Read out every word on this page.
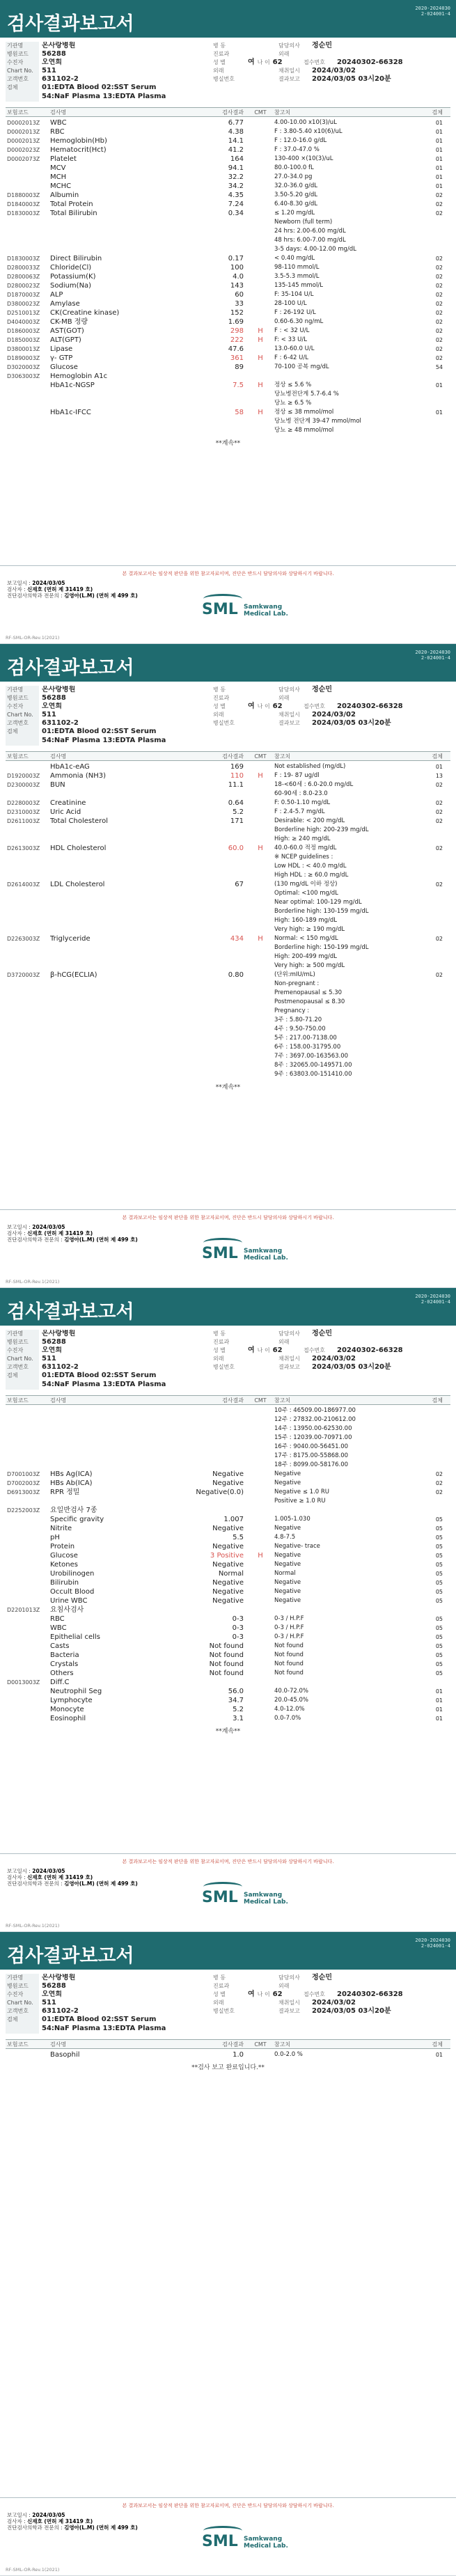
검사결과보고서
2020-2024030
2-024001-4
기관명	온사랑병원	병 동	담당의사	정순민
병원코드	56288	진료과	외래
수진자	오연희	성 별	여 나 이 62	접수번호	20240302-66328
Chart No.	511	외래	채취일시	2024/03/02
고객번호	631102-2	병실번호	결과보고	2024/03/05 03시20분
검체	01:EDTA Blood 02:SST Serum
54:NaF Plasma 13:EDTA Plasma
보험코드	검사명	검사결과	CMT	참고치	검체
D0002013Z	WBC	6.77	4.00-10.00 x10(3)/uL	01
D0002013Z	RBC	4.38	F : 3.80-5.40 x10(6)/uL	01
D0002013Z	Hemoglobin(Hb)	14.1	F : 12.0-16.0 g/dL	01
D0002023Z	Hematocrit(Hct)	41.2	F : 37.0-47.0 %	01
D0002073Z	Platelet	164	130-400 ×(10(3)/uL	01
MCV	94.1	80.0-100.0 fL	01
MCH	32.2	27.0-34.0 pg	01
MCHC	34.2	32.0-36.0 g/dL	01
D1880003Z	Albumin	4.35	3.50-5.20 g/dL	02
D1840003Z	Total Protein	7.24	6.40-8.30 g/dL	02
D1830003Z	Total Bilirubin	0.34	≤ 1.20 mg/dL	02
Newborn (full term)
24 hrs: 2.00-6.00 mg/dL
48 hrs: 6.00-7.00 mg/dL
3-5 days: 4.00-12.00 mg/dL
D1830003Z	Direct Bilirubin	0.17	< 0.40 mg/dL	02
D2800033Z	Chloride(Cl)	100	98-110 mmol/L	02
D2800063Z	Potassium(K)	4.0	3.5-5.3 mmol/L	02
D2800023Z	Sodium(Na)	143	135-145 mmol/L	02
D1870003Z	ALP	60	F: 35-104 U/L	02
D3800023Z	Amylase	33	28-100 U/L	02
D2510013Z	CK(Creatine kinase)	152	F : 26-192 U/L	02
D4040003Z	CK-MB 정량	1.69	0.60-6.30 ng/mL	02
D1860003Z	AST(GOT)	298	H	F : < 32 U/L	02
D1850003Z	ALT(GPT)	222	H	F: < 33 U/L	02
D3800013Z	Lipase	47.6	13.0-60.0 U/L	02
D1890003Z	γ- GTP	361	H	F : 6-42 U/L	02
D3020003Z	Glucose	89	70-100 공복 mg/dL	54
D3063003Z	Hemoglobin A1c
HbA1c-NGSP	7.5	H	정상 ≤ 5.6 %	01
당뇨병전단계 5.7-6.4 %
당뇨 ≥ 6.5 %
HbA1c-IFCC	58	H	정상 ≤ 38 mmol/mol	01
당뇨병 전단계 39-47 mmol/mol
당뇨 ≥ 48 mmol/mol
**계속**
본 결과보고서는 임상적 판단을 위한 참고자료이며, 진단은 반드시 담당의사와 상담하시기 바랍니다.
보고일시 : 2024/03/05
검사자 : 신재호 (면허 제 31419 호)
진단검사의학과 전문의 : 김영아(L.M) (면허 제 499 호)
SML Samkwang
Medical Lab.
RF-SML-OR-Rev.1(2021)
검사결과보고서
2020-2024030
2-024001-4
기관명	온사랑병원	병 동	담당의사	정순민
병원코드	56288	진료과	외래
수진자	오연희	성 별	여 나 이 62	접수번호	20240302-66328
Chart No.	511	외래	채취일시	2024/03/02
고객번호	631102-2	병실번호	결과보고	2024/03/05 03시20분
검체	01:EDTA Blood 02:SST Serum
54:NaF Plasma 13:EDTA Plasma
보험코드	검사명	검사결과	CMT	참고치	검체
HbA1c-eAG	169	Not established (mg/dL)	01
D1920003Z	Ammonia (NH3)	110	H	F : 19- 87 ug/dl	13
D2300003Z	BUN	11.1	18-<60세 : 6.0-20.0 mg/dL	02
60-90세 : 8.0-23.0
D2280003Z	Creatinine	0.64	F: 0.50-1.10 mg/dL	02
D2310003Z	Uric Acid	5.2	F : 2.4-5.7 mg/dL	02
D2611003Z	Total Cholesterol	171	Desirable: < 200 mg/dL	02
Borderline high: 200-239 mg/dL
High: ≥ 240 mg/dL
D2613003Z	HDL Cholesterol	60.0	H	40.0-60.0 적정 mg/dL	02
※ NCEP guidelines :
Low HDL : < 40.0 mg/dL
High HDL : ≥ 60.0 mg/dL
D2614003Z	LDL Cholesterol	67	(130 mg/dL 이하 정상)	02
Optimal: <100 mg/dL
Near optimal: 100-129 mg/dL
Borderline high: 130-159 mg/dL
High: 160-189 mg/dL
Very high: ≥ 190 mg/dL
D2263003Z	Triglyceride	434	H	Normal: < 150 mg/dL	02
Borderline high: 150-199 mg/dL
High: 200-499 mg/dL
Very high: ≥ 500 mg/dL
D3720003Z	β-hCG(ECLIA)	0.80	(단위:mIU/mL)	02
Non-pregnant :
Premenopausal ≤ 5.30
Postmenopausal ≤ 8.30
Pregnancy :
3주 : 5.80-71.20
4주 : 9.50-750.00
5주 : 217.00-7138.00
6주 : 158.00-31795.00
7주 : 3697.00-163563.00
8주 : 32065.00-149571.00
9주 : 63803.00-151410.00
**계속**
본 결과보고서는 임상적 판단을 위한 참고자료이며, 진단은 반드시 담당의사와 상담하시기 바랍니다.
보고일시 : 2024/03/05
검사자 : 신재호 (면허 제 31419 호)
진단검사의학과 전문의 : 김영아(L.M) (면허 제 499 호)
SML Samkwang
Medical Lab.
RF-SML-OR-Rev.1(2021)
검사결과보고서
2020-2024030
2-024001-4
기관명	온사랑병원	병 동	담당의사	정순민
병원코드	56288	진료과	외래
수진자	오연희	성 별	여 나 이 62	접수번호	20240302-66328
Chart No.	511	외래	채취일시	2024/03/02
고객번호	631102-2	병실번호	결과보고	2024/03/05 03시20분
검체	01:EDTA Blood 02:SST Serum
54:NaF Plasma 13:EDTA Plasma
보험코드	검사명	검사결과	CMT	참고치	검체
10주 : 46509.00-186977.00
12주 : 27832.00-210612.00
14주 : 13950.00-62530.00
15주 : 12039.00-70971.00
16주 : 9040.00-56451.00
17주 : 8175.00-55868.00
18주 : 8099.00-58176.00
D7001003Z	HBs Ag(ICA)	Negative	Negative	02
D7002003Z	HBs Ab(ICA)	Negative	Negative	02
D6913003Z	RPR 정밀	Negative(0.0)	Negative ≤ 1.0 RU	02
Positive ≥ 1.0 RU
D2252003Z	요일반검사 7종
Specific gravity	1.007	1.005-1.030	05
Nitrite	Negative	Negative	05
pH	5.5	4.8-7.5	05
Protein	Negative	Negative- trace	05
Glucose	3 Positive	H	Negative	05
Ketones	Negative	Negative	05
Urobilinogen	Normal	Normal	05
Bilirubin	Negative	Negative	05
Occult Blood	Negative	Negative	05
Urine WBC	Negative	Negative	05
D2201013Z	요침사검사
RBC	0-3	0-3 / H.P.F	05
WBC	0-3	0-3 / H.P.F	05
Epithelial cells	0-3	0-3 / H.P.F	05
Casts	Not found	Not found	05
Bacteria	Not found	Not found	05
Crystals	Not found	Not found	05
Others	Not found	Not found	05
D0013003Z	Diff.C
Neutrophil Seg	56.0	40.0-72.0%	01
Lymphocyte	34.7	20.0-45.0%	01
Monocyte	5.2	4.0-12.0%	01
Eosinophil	3.1	0.0-7.0%	01
**계속**
본 결과보고서는 임상적 판단을 위한 참고자료이며, 진단은 반드시 담당의사와 상담하시기 바랍니다.
보고일시 : 2024/03/05
검사자 : 신재호 (면허 제 31419 호)
진단검사의학과 전문의 : 김영아(L.M) (면허 제 499 호)
SML Samkwang
Medical Lab.
RF-SML-OR-Rev.1(2021)
검사결과보고서
2020-2024030
2-024001-4
기관명	온사랑병원	병 동	담당의사	정순민
병원코드	56288	진료과	외래
수진자	오연희	성 별	여 나 이 62	접수번호	20240302-66328
Chart No.	511	외래	채취일시	2024/03/02
고객번호	631102-2	병실번호	결과보고	2024/03/05 03시20분
검체	01:EDTA Blood 02:SST Serum
54:NaF Plasma 13:EDTA Plasma
보험코드	검사명	검사결과	CMT	참고치	검체
Basophil	1.0	0.0-2.0 %	01
**검사 보고 완료입니다.**
본 결과보고서는 임상적 판단을 위한 참고자료이며, 진단은 반드시 담당의사와 상담하시기 바랍니다.
보고일시 : 2024/03/05
검사자 : 신재호 (면허 제 31419 호)
진단검사의학과 전문의 : 김영아(L.M) (면허 제 499 호)
SML Samkwang
Medical Lab.
RF-SML-OR-Rev.1(2021)
